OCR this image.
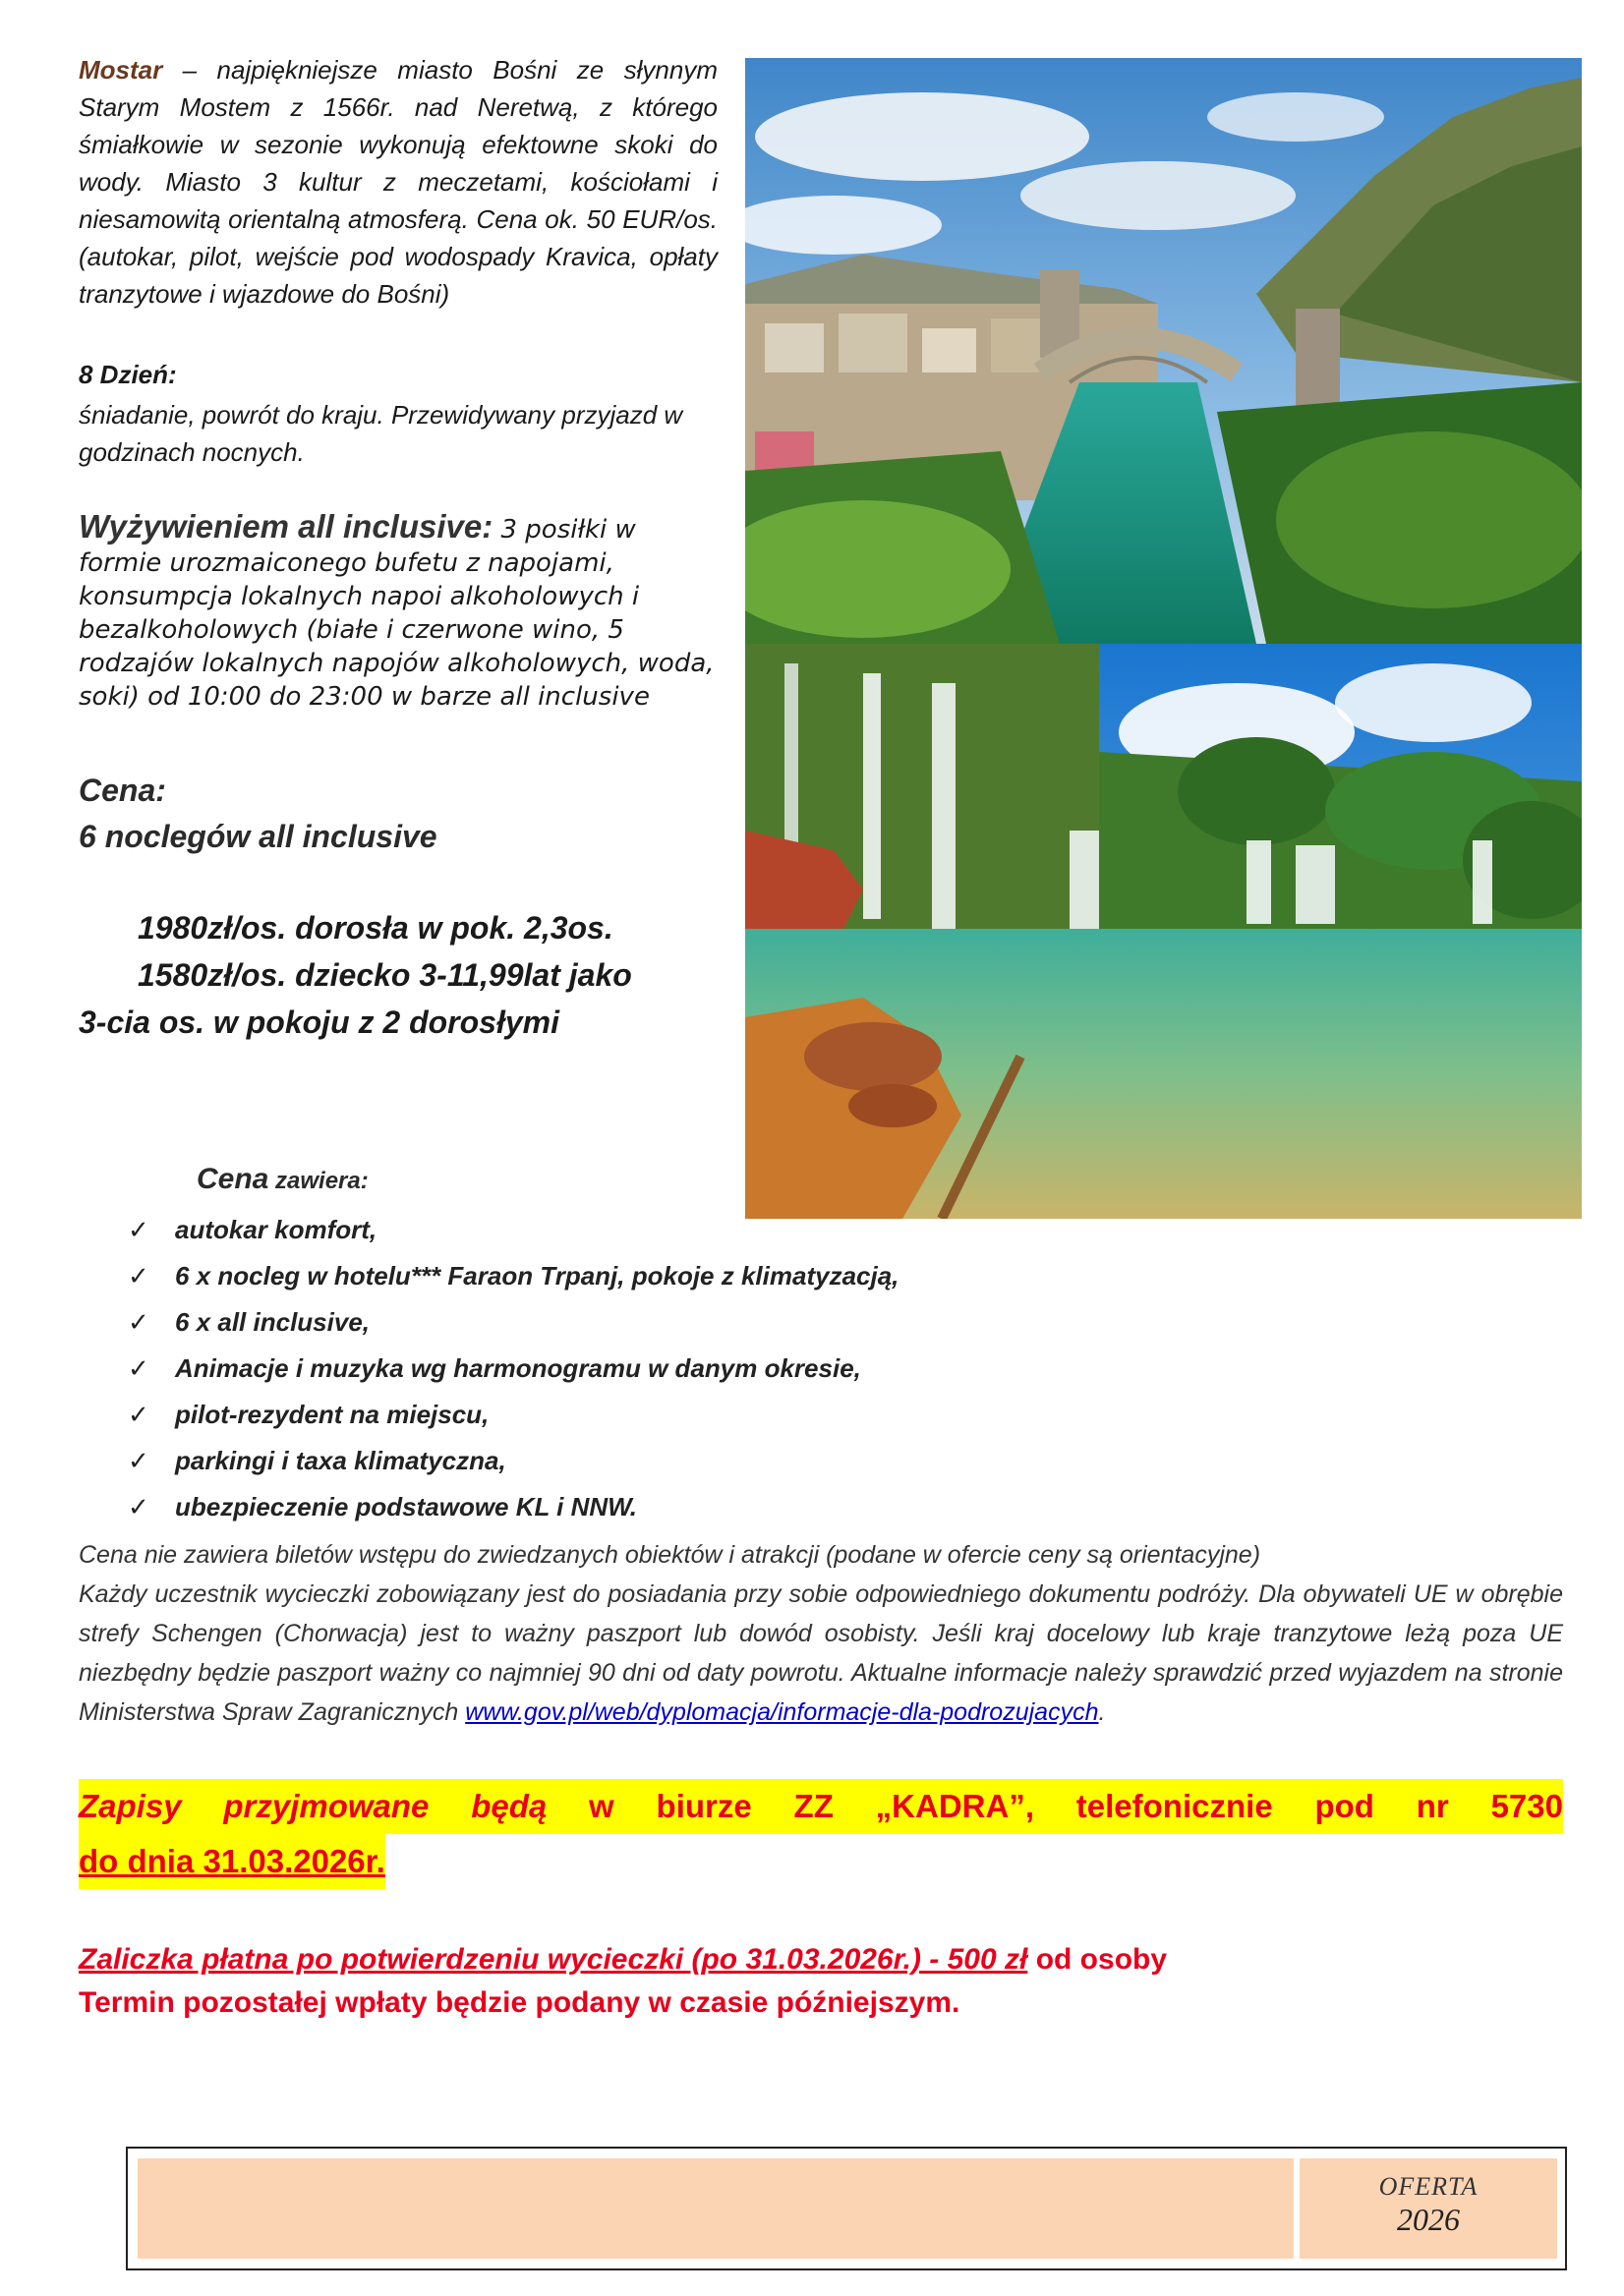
Mostar – najpiękniejsze miasto Bośni ze słynnym Starym Mostem z 1566r. nad Neretwą, z którego śmiałkowie w sezonie wykonują efektowne skoki do wody. Miasto 3 kultur z meczetami, kościołami i niesamowitą orientalną atmosferą. Cena ok. 50 EUR/os. (autokar, pilot, wejście pod wodospady Kravica, opłaty tranzytowe i wjazdowe do Bośni)

8 Dzień:

śniadanie, powrót do kraju. Przewidywany przyjazd w godzinach nocnych.

Wyżywieniem all inclusive: 3 posiłki w formie urozmaiconego bufetu z napojami, konsumpcja lokalnych napoi alkoholowych i bezalkoholowych (białe i czerwone wino, 5 rodzajów lokalnych napojów alkoholowych, woda, soki) od 10:00 do 23:00 w barze all inclusive

Cena:

6 noclegów all inclusive

1980zł/os. dorosła w pok. 2,3os.

1580zł/os. dziecko 3-11,99lat jako

3-cia os. w pokoju z 2 dorosłymi

Cena zawiera:
✓ autokar komfort,
✓ 6 x nocleg w hotelu*** Faraon Trpanj, pokoje z klimatyzacją,
✓ 6 x all inclusive,
✓ Animacje i muzyka wg harmonogramu w danym okresie,
✓ pilot-rezydent na miejscu,
✓ parkingi i taxa klimatyczna,
✓ ubezpieczenie podstawowe KL i NNW.

Cena nie zawiera biletów wstępu do zwiedzanych obiektów i atrakcji (podane w ofercie ceny są orientacyjne)

Każdy uczestnik wycieczki zobowiązany jest do posiadania przy sobie odpowiedniego dokumentu podróży. Dla obywateli UE w obrębie strefy Schengen (Chorwacja) jest to ważny paszport lub dowód osobisty. Jeśli kraj docelowy lub kraje tranzytowe leżą poza UE niezbędny będzie paszport ważny co najmniej 90 dni od daty powrotu. Aktualne informacje należy sprawdzić przed wyjazdem na stronie Ministerstwa Spraw Zagranicznych www.gov.pl/web/dyplomacja/informacje-dla-podrozujacych.

Zapisy przyjmowane będą w biurze ZZ „KADRA”, telefonicznie pod nr 5730
do dnia 31.03.2026r.
Zaliczka płatna po potwierdzeniu wycieczki (po 31.03.2026r.) - 500 zł od osoby
Termin pozostałej wpłaty będzie podany w czasie późniejszym.
OFERTA
2026
